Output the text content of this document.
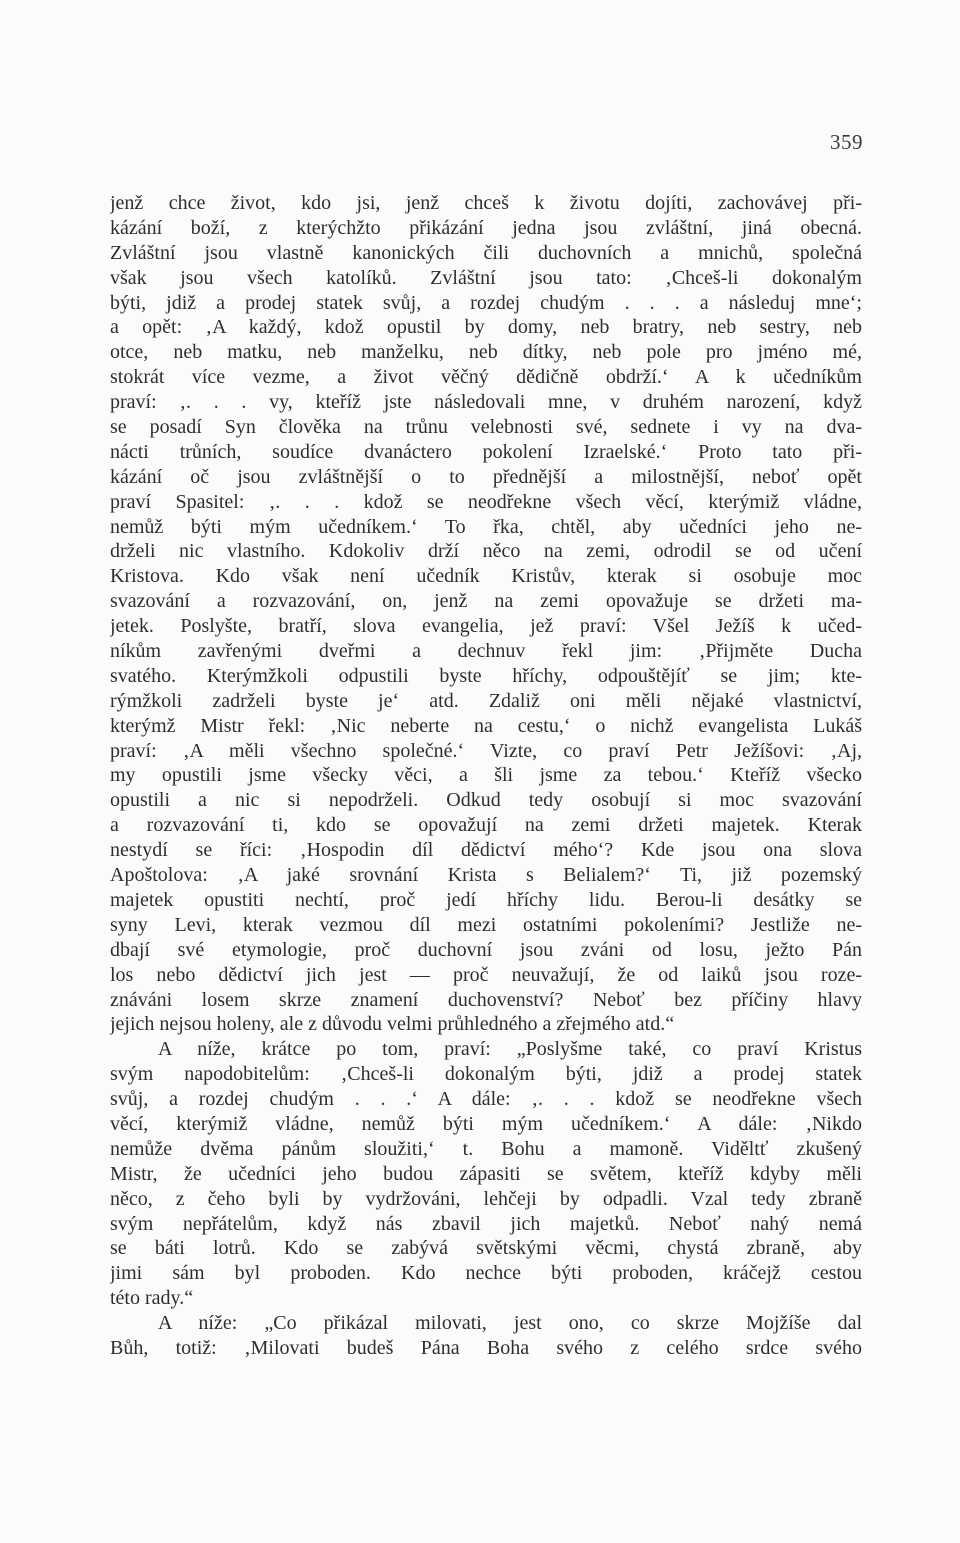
359
jenž chce život, kdo jsi, jenž chceš k životu dojíti, zachovávej při-
kázání boží, z kterýchžto přikázání jedna jsou zvláštní, jiná obecná.
Zvláštní jsou vlastně kanonických čili duchovních a mnichů, společná
však jsou všech katolíků. Zvláštní jsou tato: ‚Chceš-li dokonalým
býti, jdiž a prodej statek svůj, a rozdej chudým . . . a následuj mne‘;
a opět: ‚A každý, kdož opustil by domy, neb bratry, neb sestry, neb
otce, neb matku, neb manželku, neb dítky, neb pole pro jméno mé,
stokrát více vezme, a život věčný dědičně obdrží.‘ A k učedníkům
praví: ‚. . . vy, kteříž jste následovali mne, v druhém narození, když
se posadí Syn člověka na trůnu velebnosti své, sednete i vy na dva-
nácti trůních, soudíce dvanáctero pokolení Izraelské.‘ Proto tato při-
kázání oč jsou zvláštnější o to přednější a milostnější, neboť opět
praví Spasitel: ‚. . . kdož se neodřekne všech věcí, kterýmiž vládne,
nemůž býti mým učedníkem.‘ To řka, chtěl, aby učedníci jeho ne-
drželi nic vlastního. Kdokoliv drží něco na zemi, odrodil se od učení
Kristova. Kdo však není učedník Kristův, kterak si osobuje moc
svazování a rozvazování, on, jenž na zemi opovažuje se držeti ma-
jetek. Poslyšte, bratří, slova evangelia, jež praví: Všel Ježíš k učed-
níkům zavřenými dveřmi a dechnuv řekl jim: ‚Přijměte Ducha
svatého. Kterýmžkoli odpustili byste hříchy, odpouštějíť se jim; kte-
rýmžkoli zadrželi byste je‘ atd. Zdaliž oni měli nějaké vlastnictví,
kterýmž Mistr řekl: ‚Nic neberte na cestu,‘ o nichž evangelista Lukáš
praví: ‚A měli všechno společné.‘ Vizte, co praví Petr Ježíšovi: ‚Aj,
my opustili jsme všecky věci, a šli jsme za tebou.‘ Kteříž všecko
opustili a nic si nepodrželi. Odkud tedy osobují si moc svazování
a rozvazování ti, kdo se opovažují na zemi držeti majetek. Kterak
nestydí se říci: ‚Hospodin díl dědictví mého‘? Kde jsou ona slova
Apoštolova: ‚A jaké srovnání Krista s Belialem?‘ Ti, již pozemský
majetek opustiti nechtí, proč jedí hříchy lidu. Berou-li desátky se
syny Levi, kterak vezmou díl mezi ostatními pokoleními? Jestliže ne-
dbají své etymologie, proč duchovní jsou zváni od losu, ježto Pán
los nebo dědictví jich jest — proč neuvažují, že od laiků jsou roze-
znáváni losem skrze znamení duchovenství? Neboť bez příčiny hlavy
jejich nejsou holeny, ale z důvodu velmi průhledného a zřejmého atd.“
A níže, krátce po tom, praví: „Poslyšme také, co praví Kristus
svým napodobitelům: ‚Chceš-li dokonalým býti, jdiž a prodej statek
svůj, a rozdej chudým . . .‘ A dále: ‚. . . kdož se neodřekne všech
věcí, kterýmiž vládne, nemůž býti mým učedníkem.‘ A dále: ‚Nikdo
nemůže dvěma pánům sloužiti,‘ t. Bohu a mamoně. Viděltť zkušený
Mistr, že učedníci jeho budou zápasiti se světem, kteříž kdyby měli
něco, z čeho byli by vydržováni, lehčeji by odpadli. Vzal tedy zbraně
svým nepřátelům, když nás zbavil jich majetků. Neboť nahý nemá
se báti lotrů. Kdo se zabývá světskými věcmi, chystá zbraně, aby
jimi sám byl proboden. Kdo nechce býti proboden, kráčejž cestou
této rady.“
A níže: „Co přikázal milovati, jest ono, co skrze Mojžíše dal
Bůh, totiž: ‚Milovati budeš Pána Boha svého z celého srdce svého
